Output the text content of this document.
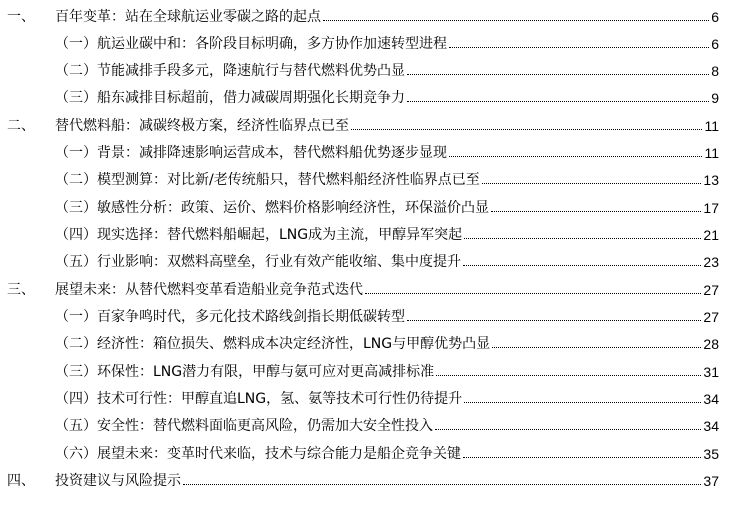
一、	百年变革：站在全球航运业零碳之路的起点	6
（一）航运业碳中和：各阶段目标明确，多方协作加速转型进程	6
（二）节能减排手段多元，降速航行与替代燃料优势凸显	8
（三）船东减排目标超前，借力减碳周期强化长期竞争力	9
二、	替代燃料船：减碳终极方案，经济性临界点已至	11
（一）背景：减排降速影响运营成本，替代燃料船优势逐步显现	11
（二）模型测算：对比新/老传统船只，替代燃料船经济性临界点已至	13
（三）敏感性分析：政策、运价、燃料价格影响经济性，环保溢价凸显	17
（四）现实选择：替代燃料船崛起，LNG成为主流，甲醇异军突起	21
（五）行业影响：双燃料高壁垒，行业有效产能收缩、集中度提升	23
三、	展望未来：从替代燃料变革看造船业竞争范式迭代	27
（一）百家争鸣时代，多元化技术路线剑指长期低碳转型	27
（二）经济性：箱位损失、燃料成本决定经济性，LNG与甲醇优势凸显	28
（三）环保性：LNG潜力有限，甲醇与氨可应对更高减排标准	31
（四）技术可行性：甲醇直追LNG，氢、氨等技术可行性仍待提升	34
（五）安全性：替代燃料面临更高风险，仍需加大安全性投入	34
（六）展望未来：变革时代来临，技术与综合能力是船企竞争关键	35
四、	投资建议与风险提示	37
